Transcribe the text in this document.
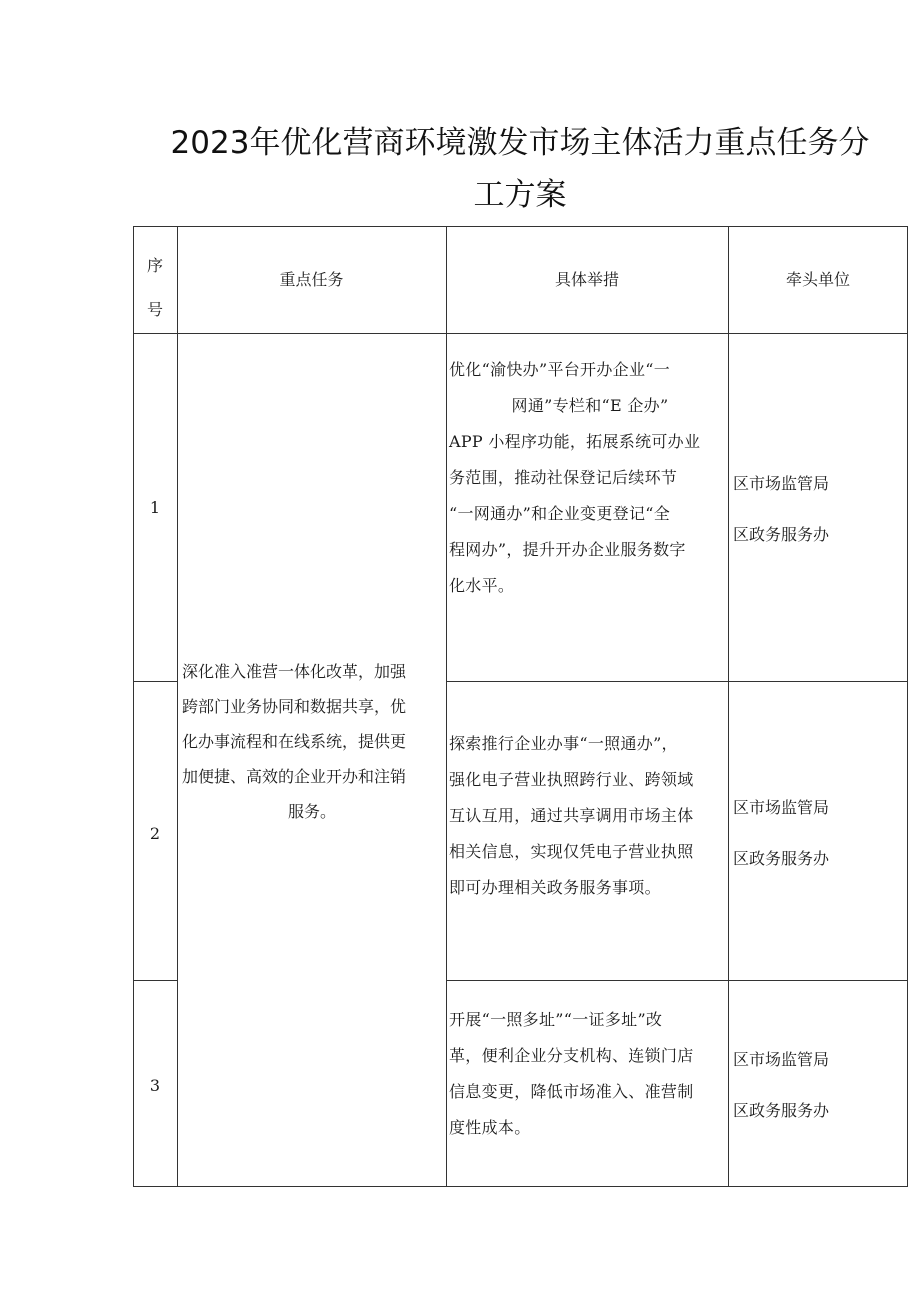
2023年优化营商环境激发市场主体活力重点任务分
工方案
序
号
重点任务	具体举措	牵头单位
深化准入准营一体化改革，加强
跨部门业务协同和数据共享，优
化办事流程和在线系统，提供更
加便捷、高效的企业开办和注销
服务。
1
优化“渝快办”平台开办企业“一
网通”专栏和“E 企办”
APP 小程序功能，拓展系统可办业
务范围，推动社保登记后续环节
“一网通办”和企业变更登记“全
程网办”，提升开办企业服务数字
化水平。
区市场监管局
区政务服务办
2
探索推行企业办事“一照通办”，
强化电子营业执照跨行业、跨领域
互认互用，通过共享调用市场主体
相关信息，实现仅凭电子营业执照
即可办理相关政务服务事项。
区市场监管局
区政务服务办
3
开展“一照多址”“一证多址”改
革，便利企业分支机构、连锁门店
信息变更，降低市场准入、准营制
度性成本。
区市场监管局
区政务服务办
